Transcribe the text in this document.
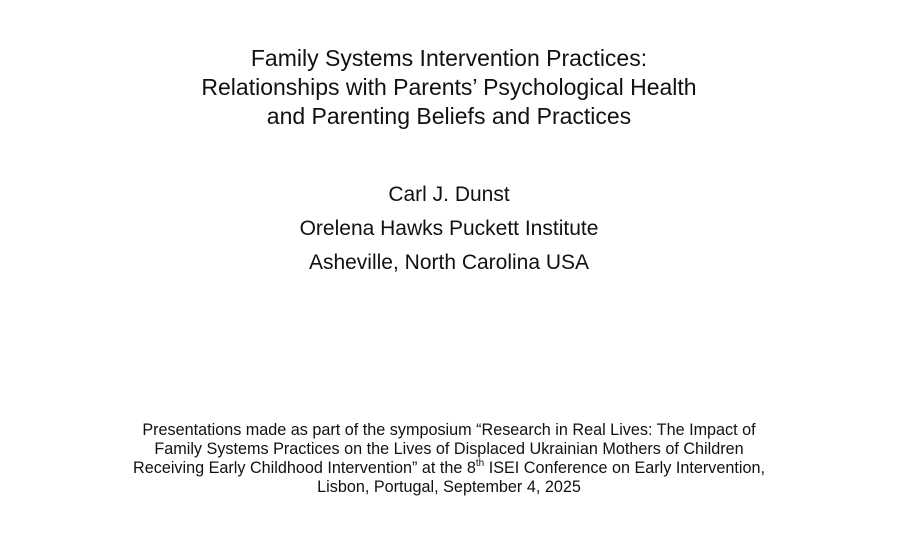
Family Systems Intervention Practices:
Relationships with Parents’ Psychological Health
and Parenting Beliefs and Practices
Carl J. Dunst
Orelena Hawks Puckett Institute
Asheville, North Carolina USA
Presentations made as part of the symposium “Research in Real Lives: The Impact of
Family Systems Practices on the Lives of Displaced Ukrainian Mothers of Children
Receiving Early Childhood Intervention” at the 8th ISEI Conference on Early Intervention,
Lisbon, Portugal, September 4, 2025
